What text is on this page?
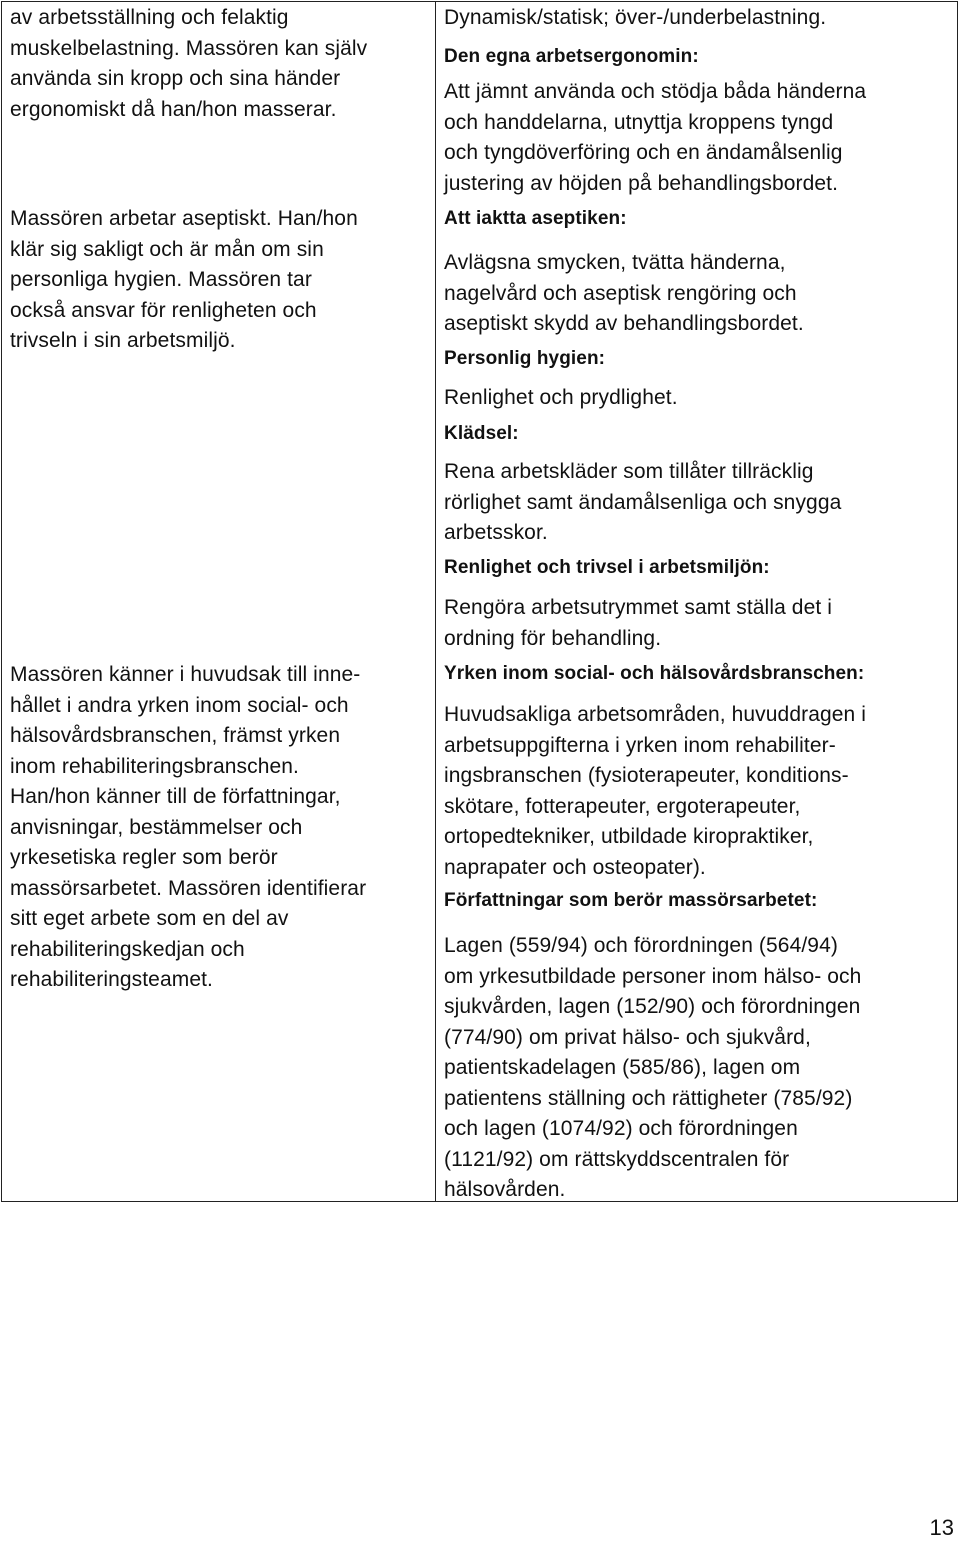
av arbetsställning och felaktig
muskelbelastning. Massören kan själv
använda sin kropp och sina händer
ergonomiskt då han/hon masserar.

Massören arbetar aseptiskt. Han/hon
klär sig sakligt och är mån om sin
personliga hygien. Massören tar
också ansvar för renligheten och
trivseln i sin arbetsmiljö.

Massören känner i huvudsak till inne-
hållet i andra yrken inom social- och
hälsovårdsbranschen, främst yrken
inom rehabiliteringsbranschen.
Han/hon känner till de författningar,
anvisningar, bestämmelser och
yrkesetiska regler som berör
massörsarbetet. Massören identifierar
sitt eget arbete som en del av
rehabiliteringskedjan och
rehabiliteringsteamet.

Dynamisk/statisk; över-/underbelastning.

Den egna arbetsergonomin:

Att jämnt använda och stödja båda händerna
och handdelarna, utnyttja kroppens tyngd
och tyngdöverföring och en ändamålsenlig
justering av höjden på behandlingsbordet.

Att iaktta aseptiken:

Avlägsna smycken, tvätta händerna,
nagelvård och aseptisk rengöring och
aseptiskt skydd av behandlingsbordet.

Personlig hygien:

Renlighet och prydlighet.

Klädsel:

Rena arbetskläder som tillåter tillräcklig
rörlighet samt ändamålsenliga och snygga
arbetsskor.

Renlighet och trivsel i arbetsmiljön:

Rengöra arbetsutrymmet samt ställa det i
ordning för behandling.

Yrken inom social- och hälsovårdsbranschen:

Huvudsakliga arbetsområden, huvuddragen i
arbetsuppgifterna i yrken inom rehabiliter-
ingsbranschen (fysioterapeuter, konditions-
skötare, fotterapeuter, ergoterapeuter,
ortopedtekniker, utbildade kiropraktiker,
naprapater och osteopater).

Författningar som berör massörsarbetet:

Lagen (559/94) och förordningen (564/94)
om yrkesutbildade personer inom hälso- och
sjukvården, lagen (152/90) och förordningen
(774/90) om privat hälso- och sjukvård,
patientskadelagen (585/86), lagen om
patientens ställning och rättigheter (785/92)
och lagen (1074/92) och förordningen
(1121/92) om rättskyddscentralen för
hälsovården.

13
